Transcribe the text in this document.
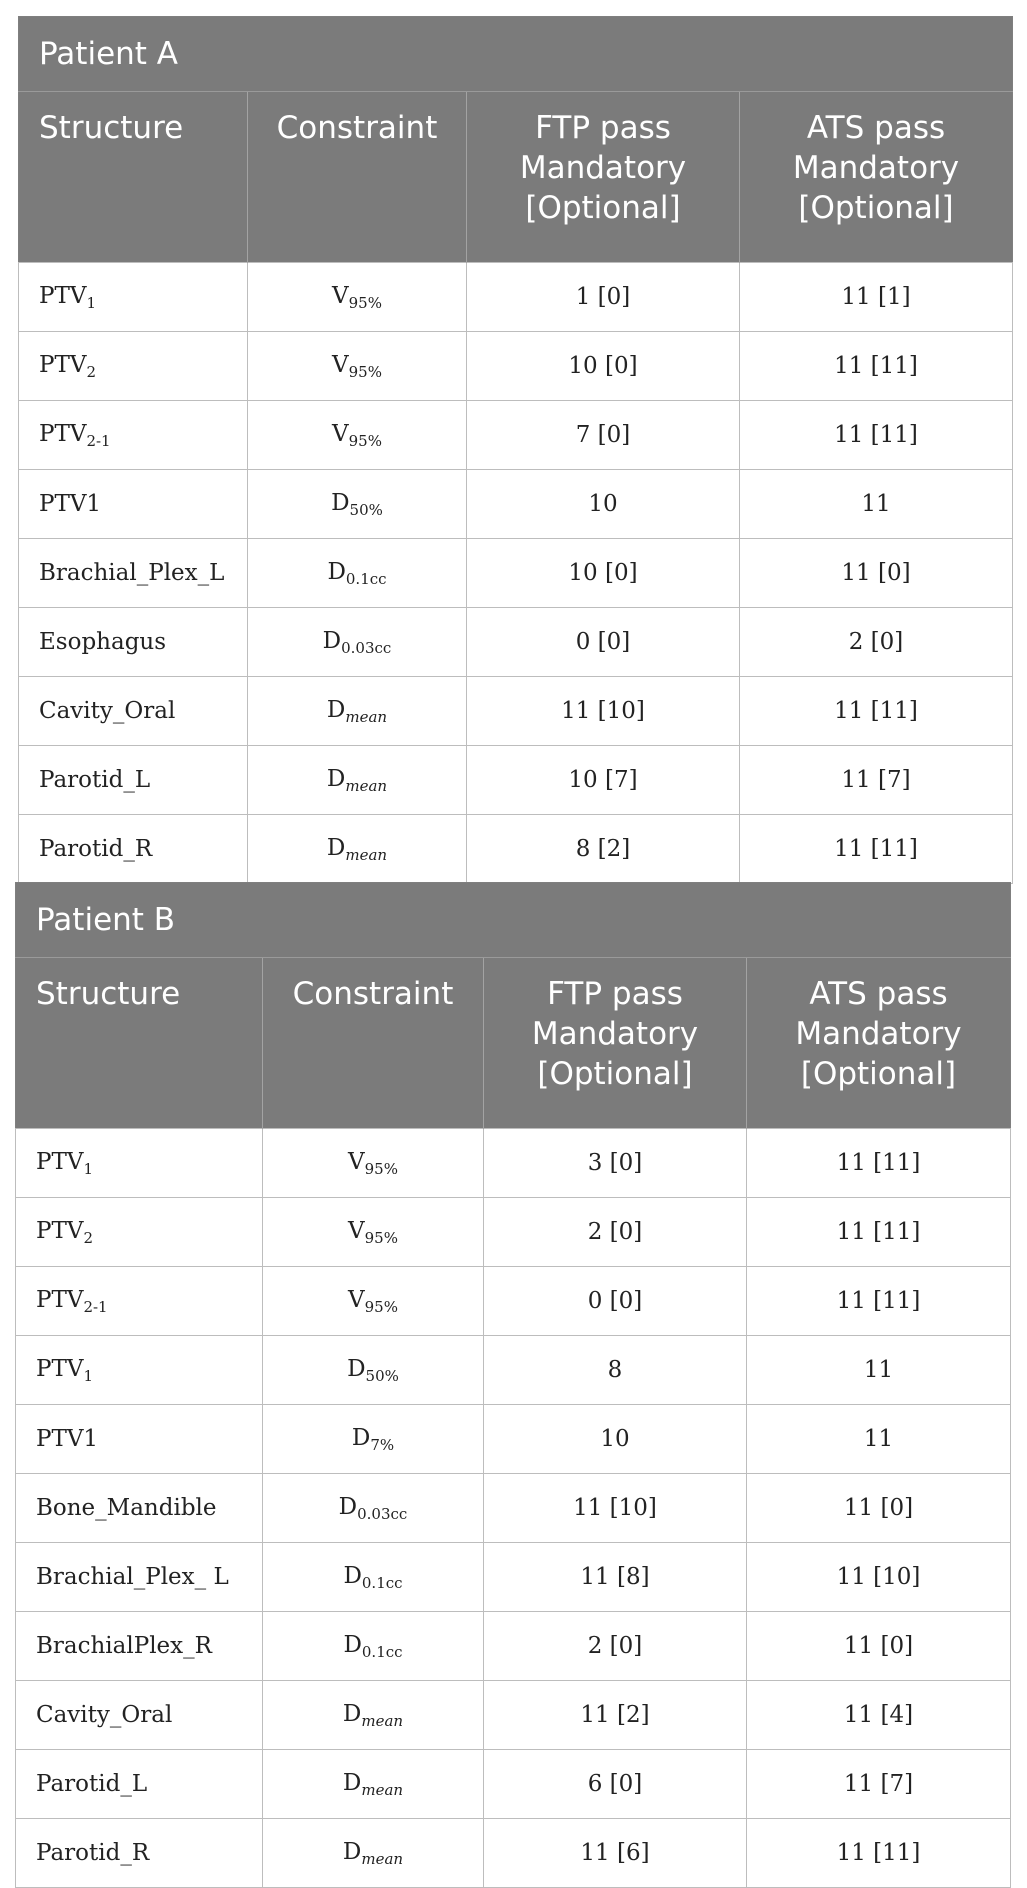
Patient A			
Structure	Constraint	FTP pass
Mandatory
[Optional]	ATS pass
Mandatory
[Optional]
$PTV_1$	$V_{95\%}$	1 [0]	11 [1]
$PTV_2$	$V_{95\%}$	10 [0]	11 [11]
$PTV_{2-1}$	$V_{95\%}$	7 [0]	11 [11]
PTV1	$D_{50\%}$	10	11
Brachial_Plex_L	$D_{0.1cc}$	10 [0]	11 [0]
Esophagus	$D_{0.03cc}$	0 [0]	2 [0]
Cavity_Oral	$D_{mean}$	11 [10]	11 [11]
Parotid_L	$D_{mean}$	10 [7]	11 [7]
Parotid_R	$D_{mean}$	8 [2]	11 [11]
Patient B			
Structure	Constraint	FTP pass
Mandatory
[Optional]	ATS pass
Mandatory
[Optional]
$PTV_1$	$V_{95\%}$	3 [0]	11 [11]
$PTV_2$	$V_{95\%}$	2 [0]	11 [11]
$PTV_{2-1}$	$V_{95\%}$	0 [0]	11 [11]
$PTV_1$	$D_{50\%}$	8	11
PTV1	$D_{7\%}$	10	11
Bone_Mandible	$D_{0.03cc}$	11 [10]	11 [0]
Brachial_Plex_ L	$D_{0.1cc}$	11 [8]	11 [10]
BrachialPlex_R	$D_{0.1cc}$	2 [0]	11 [0]
Cavity_Oral	$D_{mean}$	11 [2]	11 [4]
Parotid_L	$D_{mean}$	6 [0]	11 [7]
Parotid_R	$D_{mean}$	11 [6]	11 [11]
